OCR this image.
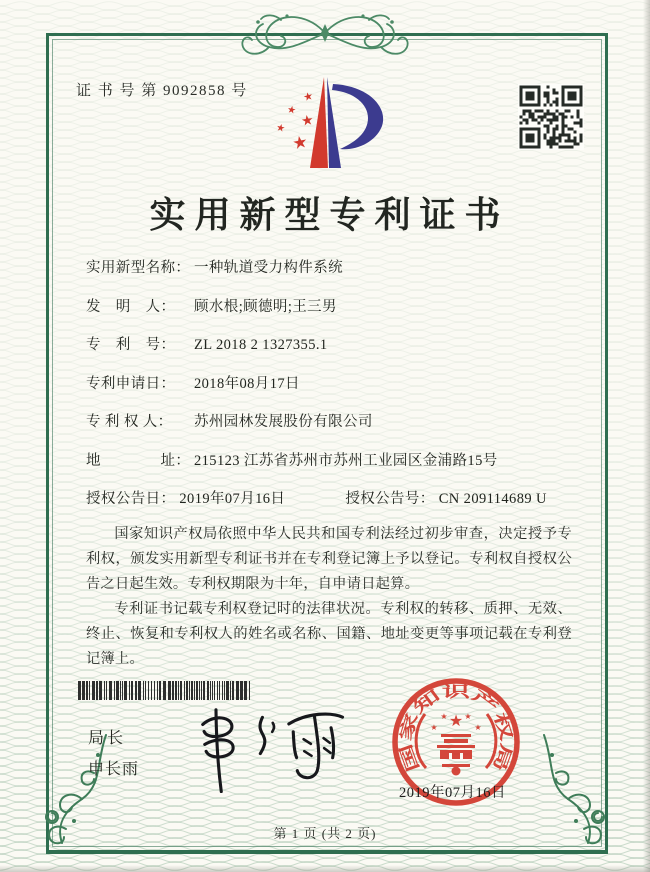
证 书 号 第 9092858 号	★
★
★
★
★
实用新型专利证书
实用新型名称： 一种轨道受力构件系统
发　明　人：	顾水根;顾德明;王三男
专　利　号：	ZL 2018 2 1327355.1
专利申请日：	2018年08月17日
专 利 权 人：	苏州园林发展股份有限公司
地　　　　址： 215123 江苏省苏州市苏州工业园区金浦路15号
授权公告日： 2019年07月16日	授权公告号： CN 209114689 U

国家知识产权局依照中华人民共和国专利法经过初步审查，决定授予专利权，颁发实用新型专利证书并在专利登记簿上予以登记。专利权自授权公告之日起生效。专利权期限为十年，自申请日起算。

专利证书记载专利权登记时的法律状况。专利权的转移、质押、无效、终止、恢复和专利权人的姓名或名称、国籍、地址变更等事项记载在专利登记簿上。

局长
申长雨	国家知识产权局
★
★
★ ★
★
2019年07月16日
第 1 页 (共 2 页)
